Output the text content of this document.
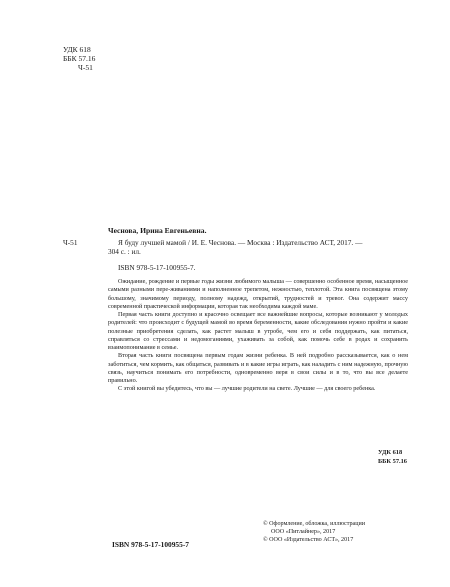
УДК 618
ББК 57.16
Ч-51
Чеснова, Ирина Евгеньевна.
Ч-51	Я буду лучшей мамой / И. Е. Чеснова. — Москва : Издательство АСТ, 2017. —

304 с. : ил.
ISBN 978-5-17-100955-7.

Ожидание, рождение и первые годы жизни любимого малыша — совершенно особенное время, насыщенное самыми разными пере-живаниями и наполненное трепетом, нежностью, теплотой. Эта книга посвящена этому большому, значимому периоду, полному надежд, открытий, трудностей и тревог. Она содержит массу современной практической информации, которая так необходима каждой маме.

Первая часть книги доступно и красочно освещает все важнейшие вопросы, которые возникают у молодых родителей: что происходит с будущей мамой во время беременности, какие обследования нужно пройти и какие полезные приобретения сделать, как растет малыш в утробе, чем его и себя поддержать, как питаться, справляться со стрессами и недомоганиями, ухаживать за собой, как помочь себе в родах и сохранить взаимопонимание в семье.

Вторая часть книги посвящена первым годам жизни ребенка. В ней подробно рассказывается, как о нем заботиться, чем кормить, как общаться, развивать и в какие игры играть, как наладить с ним надежную, прочную связь, научиться понимать его потребности, одновременно веря в свои силы и в то, что вы все делаете правильно.

С этой книгой вы убедитесь, что вы — лучшие родители на свете. Лучшие — для своего ребенка.

УДК 618
ББК 57.16
© Оформление, обложка, иллюстрации
ООО «Питлайнер», 2017
© ООО «Издательство АСТ», 2017
ISBN 978-5-17-100955-7
